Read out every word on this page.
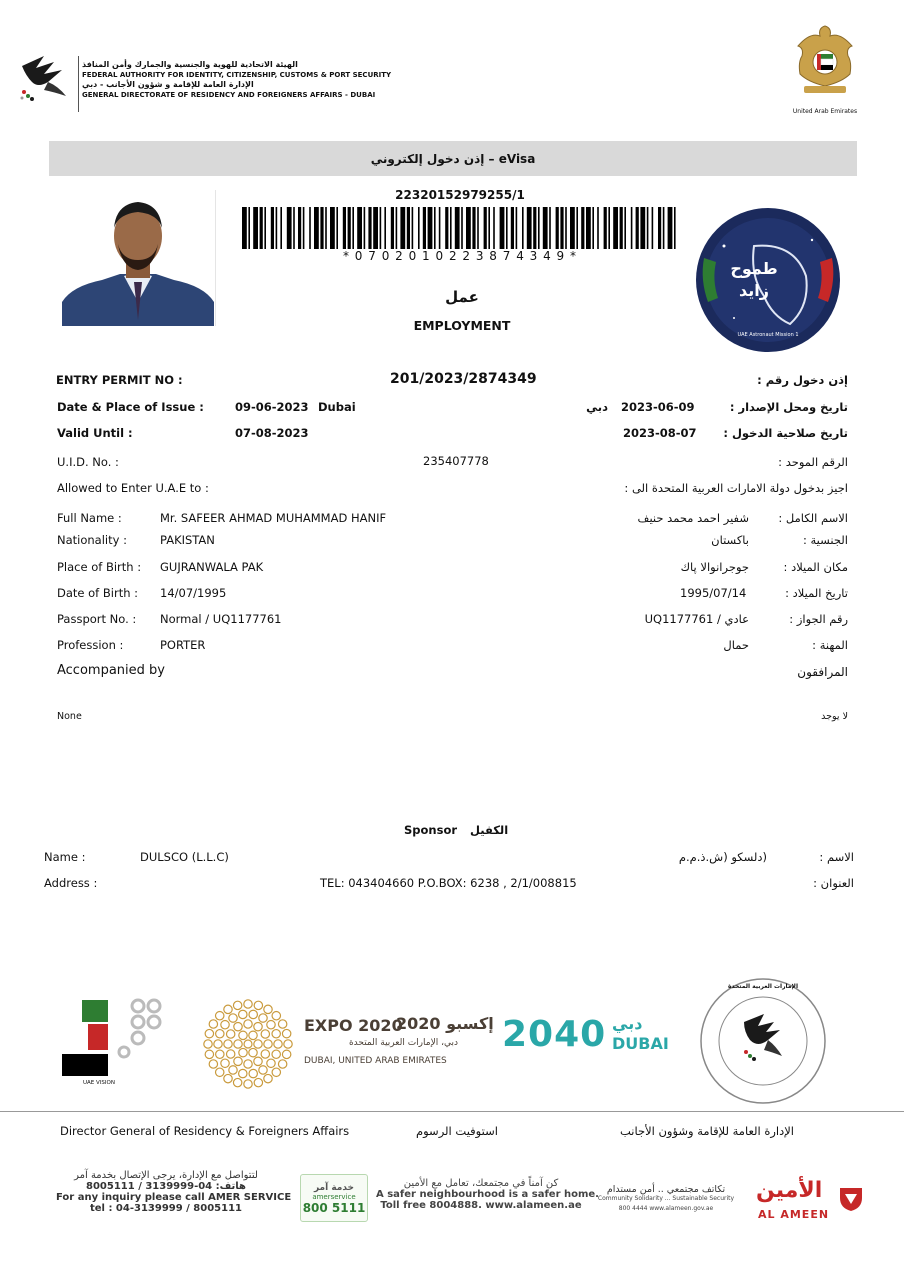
الهيئة الاتحادية للهوية والجنسية والجمارك وأمن المنافذ
FEDERAL AUTHORITY FOR IDENTITY, CITIZENSHIP, CUSTOMS & PORT SECURITY
الإدارة العامة للإقامة و شؤون الأجانب - دبي
GENERAL DIRECTORATE OF RESIDENCY AND FOREIGNERS AFFAIRS - DUBAI
United Arab Emirates
إذن دخول إلكتروني – eVisa
22320152979255/1
* 0 7 0 2 0 1 0 2 2 3 8 7 4 3 4 9 *
عمل
EMPLOYMENT
طموح زايد
UAE Astronaut Mission 1
ENTRY PERMIT NO :	201/2023/2874349	إذن دخول رقم :
Date & Place of Issue :	09-06-2023 Dubai	دبي 2023-06-09	تاريخ ومحل الإصدار :
Valid Until :	07-08-2023	2023-08-07 تاريخ صلاحية الدخول :
U.I.D. No. :	235407778	الرقم الموحد :
Allowed to Enter U.A.E to :	اجيز بدخول دولة الامارات العربية المتحدة الى :
Full Name :	Mr. SAFEER AHMAD MUHAMMAD HANIF	شفير احمد محمد حنيف	الاسم الكامل :
Nationality :	PAKISTAN	باكستان	الجنسية :
Place of Birth : GUJRANWALA PAK	جوجرانوالا پاك	مكان الميلاد :
Date of Birth : 14/07/1995	1995/07/14	تاريخ الميلاد :
Passport No. : Normal / UQ1177761	عادي / UQ1177761	رقم الجواز :
Profession :	PORTER	حمال	المهنة :
Accompanied by	المرافقون
None	لا يوجد
Sponsor الكفيل
Name :	DULSCO (L.L.C)	(دلسكو (ش.ذ.م.م	الاسم :
Address :	TEL: 043404660 P.O.BOX: 6238 , 2/1/008815	العنوان :
UAE VISION
EXPO 2020
إكسبو 2020
دبي، الإمارات العربية المتحدة
DUBAI, UNITED ARAB EMIRATES
2040 دبي
DUBAI
الإمارات العربية المتحدة
Director General of Residency & Foreigners Affairs	استوفيت الرسوم	الإدارة العامة للإقامة وشؤون الأجانب
لتتواصل مع الإدارة، يرجى الإتصال بخدمة آمر
هاتف: 04-3139999 / 8005111
For any inquiry please call AMER SERVICE
tel : 04-3139999 / 8005111
خدمة آمر
amerservice
800 5111
كن آمناً في مجتمعك، تعامل مع الأمين
A safer neighbourhood is a safer home.
Toll free 8004888. www.alameen.ae
تكاتف مجتمعي .. أمن مستدام
Community Solidarity ... Sustainable Security
800 4444 www.alameen.gov.ae
الأمين
AL AMEEN
